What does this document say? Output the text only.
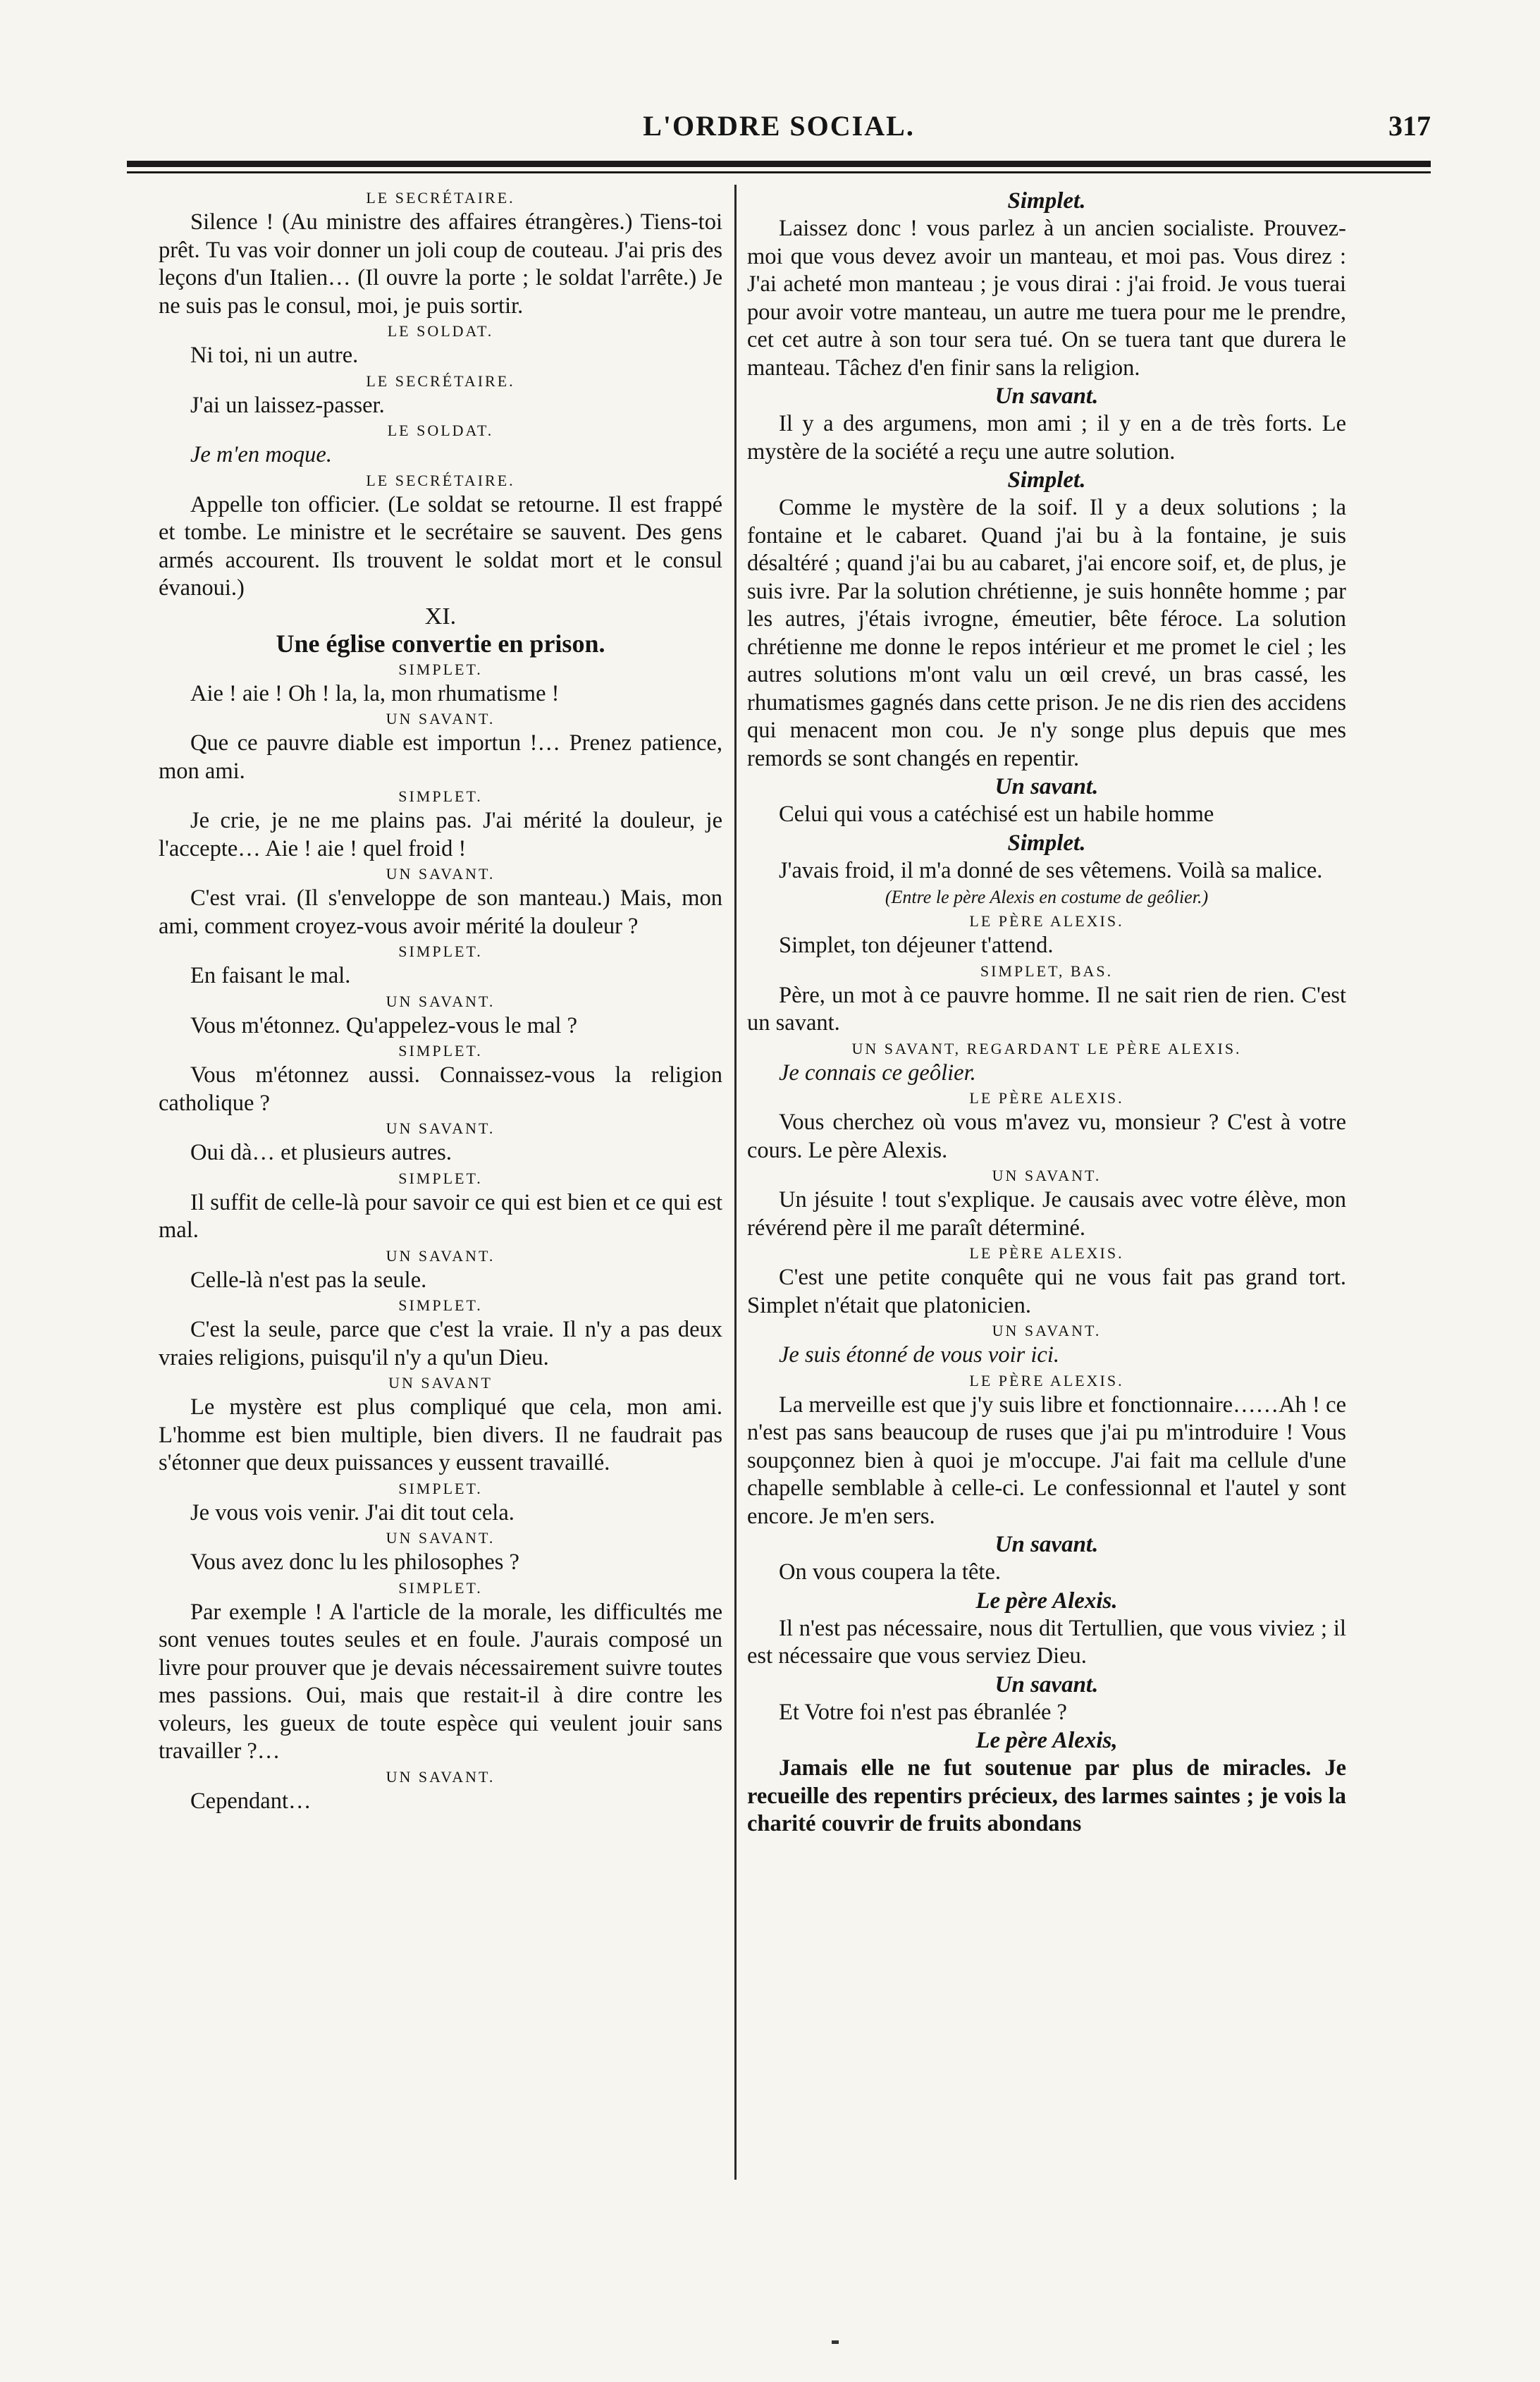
L'ORDRE SOCIAL.	317

LE SECRÉTAIRE.

Silence ! (Au ministre des affaires étrangères.) Tiens-toi prêt. Tu vas voir donner un joli coup de couteau. J'ai pris des leçons d'un Italien… (Il ouvre la porte ; le soldat l'arrête.) Je ne suis pas le consul, moi, je puis sortir.

LE SOLDAT.

Ni toi, ni un autre.

LE SECRÉTAIRE.

J'ai un laissez-passer.

LE SOLDAT.

Je m'en moque.

LE SECRÉTAIRE.

Appelle ton officier. (Le soldat se retourne. Il est frappé et tombe. Le ministre et le secrétaire se sauvent. Des gens armés accourent. Ils trouvent le soldat mort et le consul évanoui.)

XI.

Une église convertie en prison.

SIMPLET.

Aie ! aie ! Oh ! la, la, mon rhumatisme !

UN SAVANT.

Que ce pauvre diable est importun !… Prenez patience, mon ami.

SIMPLET.

Je crie, je ne me plains pas. J'ai mérité la douleur, je l'accepte… Aie ! aie ! quel froid !

UN SAVANT.

C'est vrai. (Il s'enveloppe de son manteau.) Mais, mon ami, comment croyez-vous avoir mérité la douleur ?

SIMPLET.

En faisant le mal.

UN SAVANT.

Vous m'étonnez. Qu'appelez-vous le mal ?

SIMPLET.

Vous m'étonnez aussi. Connaissez-vous la religion catholique ?

UN SAVANT.

Oui dà… et plusieurs autres.

SIMPLET.

Il suffit de celle-là pour savoir ce qui est bien et ce qui est mal.

UN SAVANT.

Celle-là n'est pas la seule.

SIMPLET.

C'est la seule, parce que c'est la vraie. Il n'y a pas deux vraies religions, puisqu'il n'y a qu'un Dieu.

UN SAVANT

Le mystère est plus compliqué que cela, mon ami. L'homme est bien multiple, bien divers. Il ne faudrait pas s'étonner que deux puissances y eussent travaillé.

SIMPLET.

Je vous vois venir. J'ai dit tout cela.

UN SAVANT.

Vous avez donc lu les philosophes ?

SIMPLET.

Par exemple ! A l'article de la morale, les difficultés me sont venues toutes seules et en foule. J'aurais composé un livre pour prouver que je devais nécessairement suivre toutes mes passions. Oui, mais que restait-il à dire contre les voleurs, les gueux de toute espèce qui veulent jouir sans travailler ?…

UN SAVANT.

Cependant…

Simplet.

Laissez donc ! vous parlez à un ancien socialiste. Prouvez-moi que vous devez avoir un manteau, et moi pas. Vous direz : J'ai acheté mon manteau ; je vous dirai : j'ai froid. Je vous tuerai pour avoir votre manteau, un autre me tuera pour me le prendre, cet cet autre à son tour sera tué. On se tuera tant que durera le manteau. Tâchez d'en finir sans la religion.

Un savant.

Il y a des argumens, mon ami ; il y en a de très forts. Le mystère de la société a reçu une autre solution.

Simplet.

Comme le mystère de la soif. Il y a deux solutions ; la fontaine et le cabaret. Quand j'ai bu à la fontaine, je suis désaltéré ; quand j'ai bu au cabaret, j'ai encore soif, et, de plus, je suis ivre. Par la solution chrétienne, je suis honnête homme ; par les autres, j'étais ivrogne, émeutier, bête féroce. La solution chrétienne me donne le repos intérieur et me promet le ciel ; les autres solutions m'ont valu un œil crevé, un bras cassé, les rhumatismes gagnés dans cette prison. Je ne dis rien des accidens qui menacent mon cou. Je n'y songe plus depuis que mes remords se sont changés en repentir.

Un savant.

Celui qui vous a catéchisé est un habile homme

Simplet.

J'avais froid, il m'a donné de ses vêtemens. Voilà sa malice.

(Entre le père Alexis en costume de geôlier.)

LE PÈRE ALEXIS.

Simplet, ton déjeuner t'attend.

SIMPLET, BAS.

Père, un mot à ce pauvre homme. Il ne sait rien de rien. C'est un savant.

UN SAVANT, REGARDANT LE PÈRE ALEXIS.

Je connais ce geôlier.

LE PÈRE ALEXIS.

Vous cherchez où vous m'avez vu, monsieur ? C'est à votre cours. Le père Alexis.

UN SAVANT.

Un jésuite ! tout s'explique. Je causais avec votre élève, mon révérend père il me paraît déterminé.

LE PÈRE ALEXIS.

C'est une petite conquête qui ne vous fait pas grand tort. Simplet n'était que platonicien.

UN SAVANT.

Je suis étonné de vous voir ici.

LE PÈRE ALEXIS.

La merveille est que j'y suis libre et fonctionnaire……Ah ! ce n'est pas sans beaucoup de ruses que j'ai pu m'introduire ! Vous soupçonnez bien à quoi je m'occupe. J'ai fait ma cellule d'une chapelle semblable à celle-ci. Le confessionnal et l'autel y sont encore. Je m'en sers.

Un savant.

On vous coupera la tête.

Le père Alexis.

Il n'est pas nécessaire, nous dit Tertullien, que vous viviez ; il est nécessaire que vous serviez Dieu.

Un savant.

Et Votre foi n'est pas ébranlée ?

Le père Alexis,

Jamais elle ne fut soutenue par plus de miracles. Je recueille des repentirs précieux, des larmes saintes ; je vois la charité couvrir de fruits abondans
